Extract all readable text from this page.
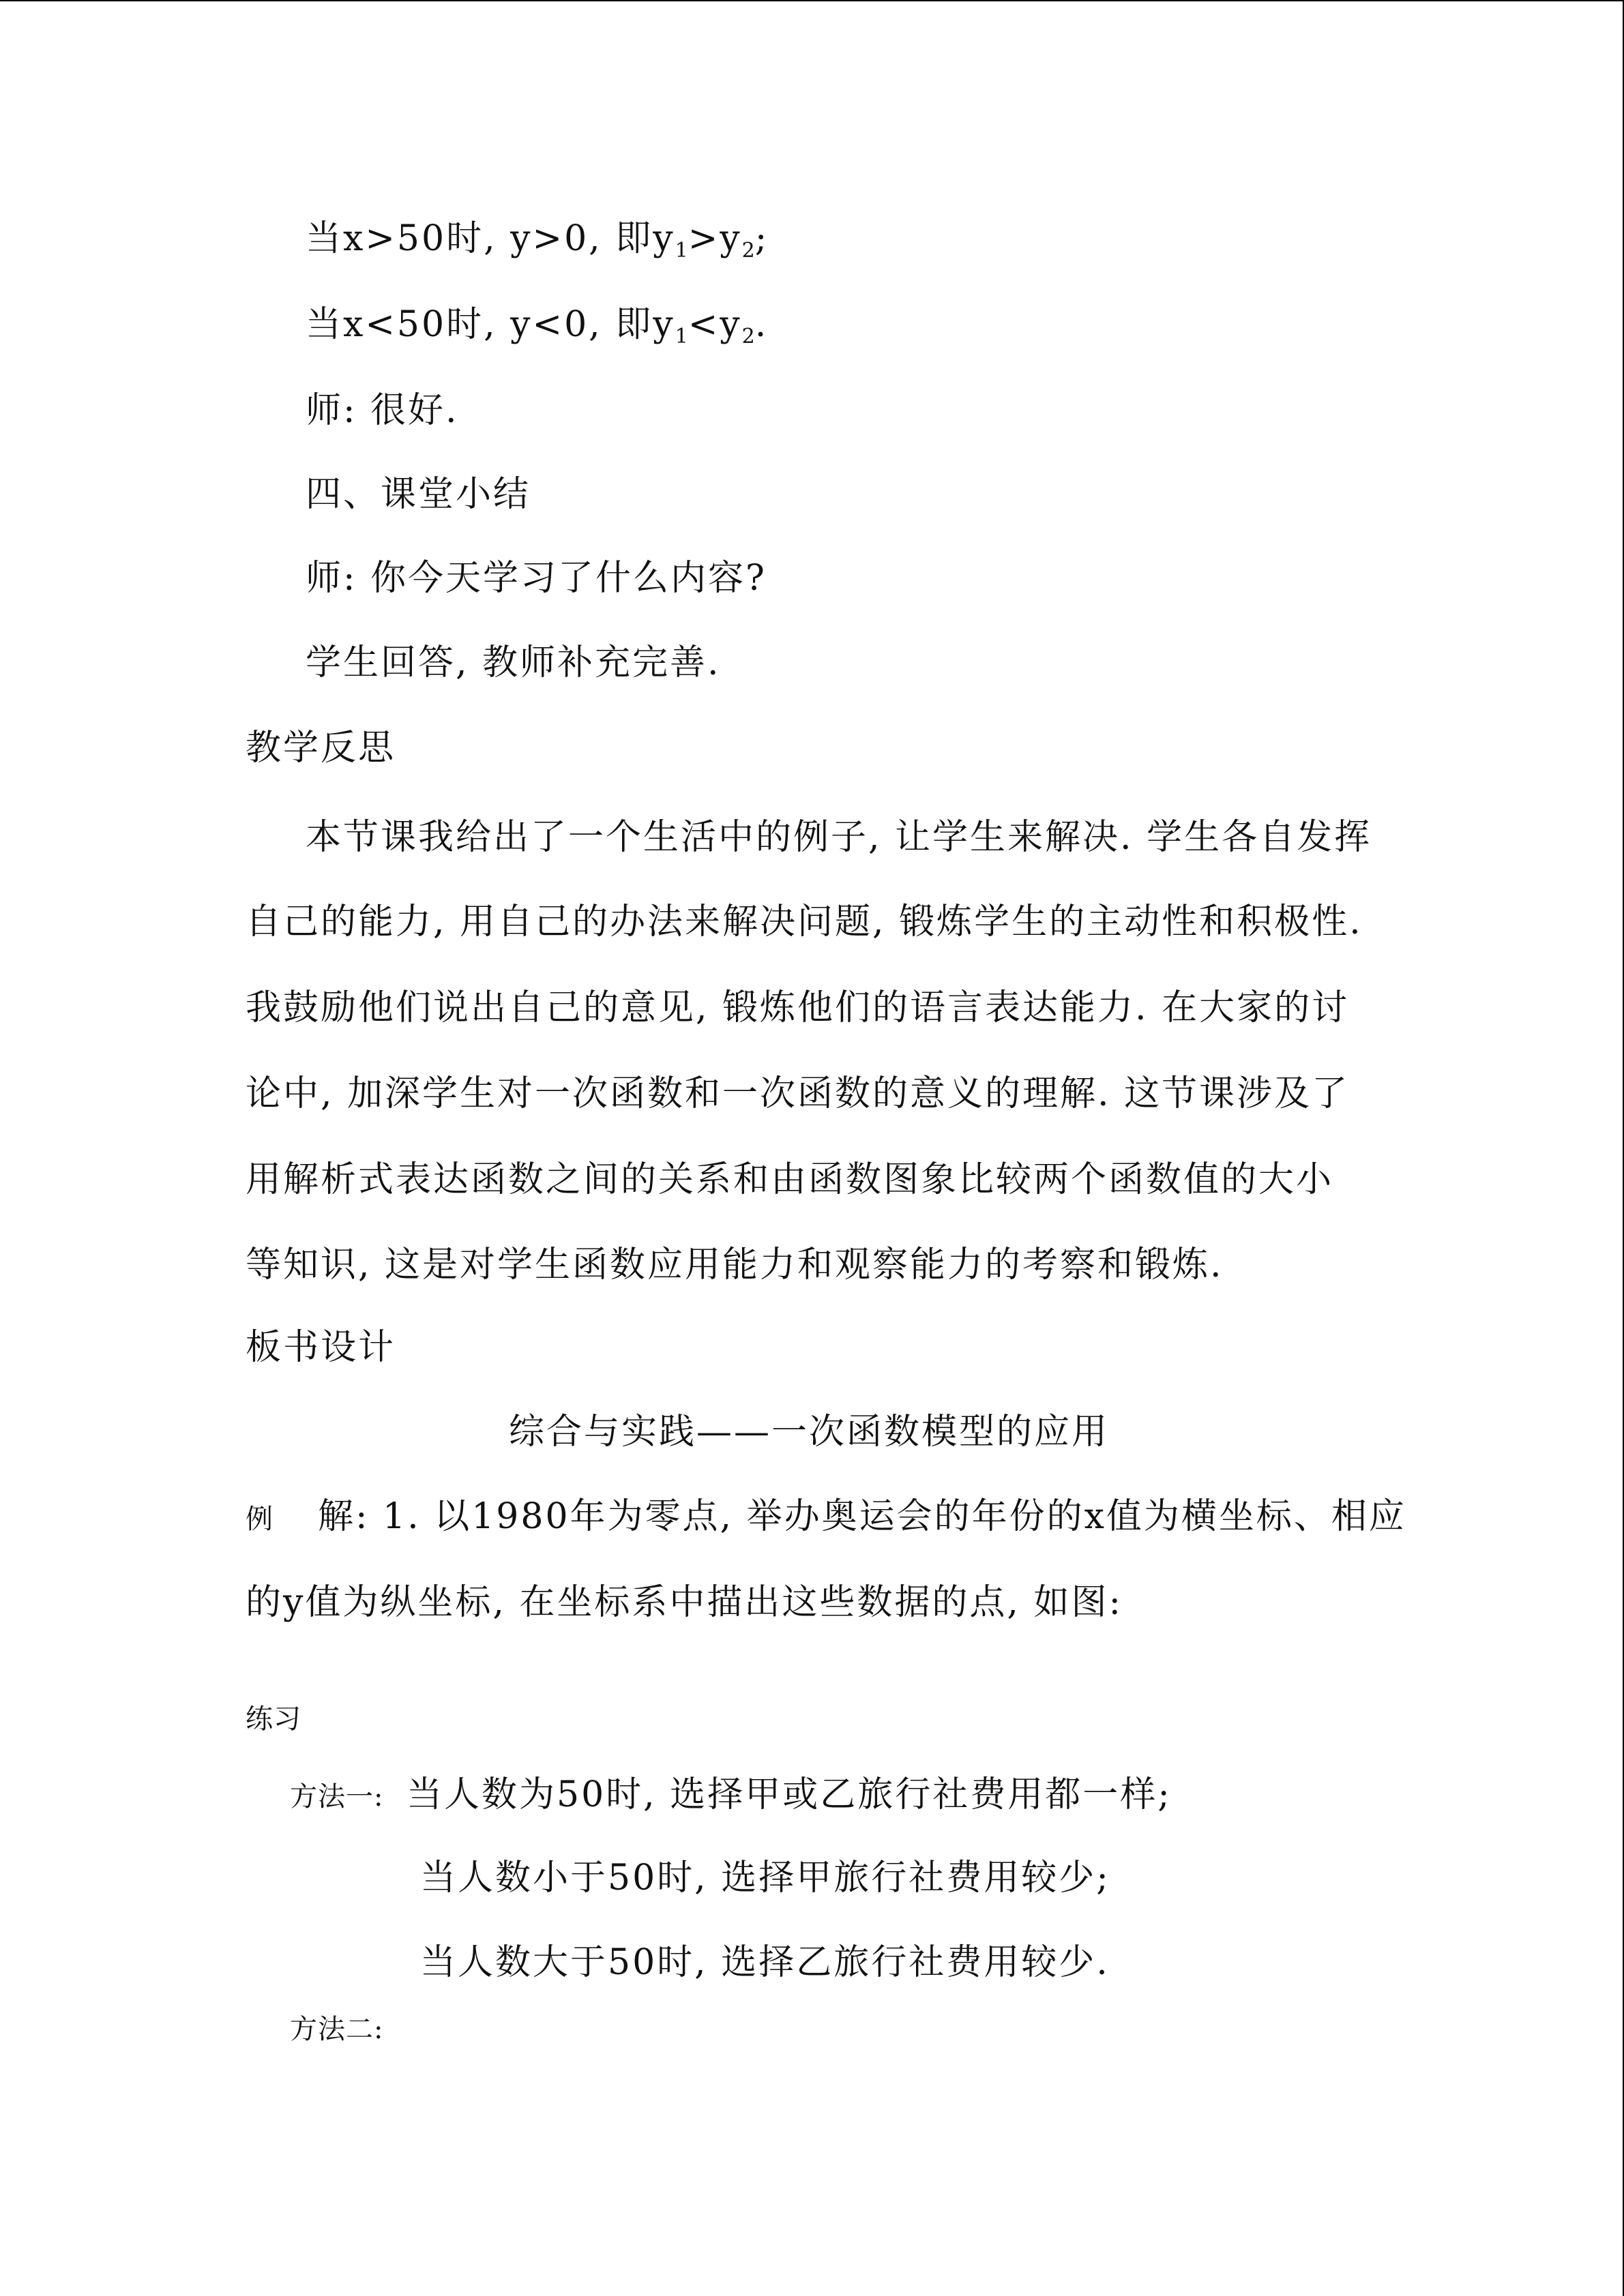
当x>50时, y>0, 即$y_1>y_2$;
当x<50时, y<0, 即$y_1<y_2$.
师: 很好.
四、课堂小结
师: 你今天学习了什么内容?
学生回答, 教师补充完善.
教学反思
本节课我给出了一个生活中的例子, 让学生来解决. 学生各自发挥
自己的能力, 用自己的办法来解决问题, 锻炼学生的主动性和积极性.
我鼓励他们说出自己的意见, 锻炼他们的语言表达能力. 在大家的讨
论中, 加深学生对一次函数和一次函数的意义的理解. 这节课涉及了
用解析式表达函数之间的关系和由函数图象比较两个函数值的大小
等知识, 这是对学生函数应用能力和观察能力的考察和锻炼.
板书设计
综合与实践——一次函数模型的应用
例 解: 1. 以1980年为零点, 举办奥运会的年份的x值为横坐标、相应
的y值为纵坐标, 在坐标系中描出这些数据的点, 如图:
练习
方法一: 当人数为50时, 选择甲或乙旅行社费用都一样;
当人数小于50时, 选择甲旅行社费用较少;
当人数大于50时, 选择乙旅行社费用较少.
方法二:
